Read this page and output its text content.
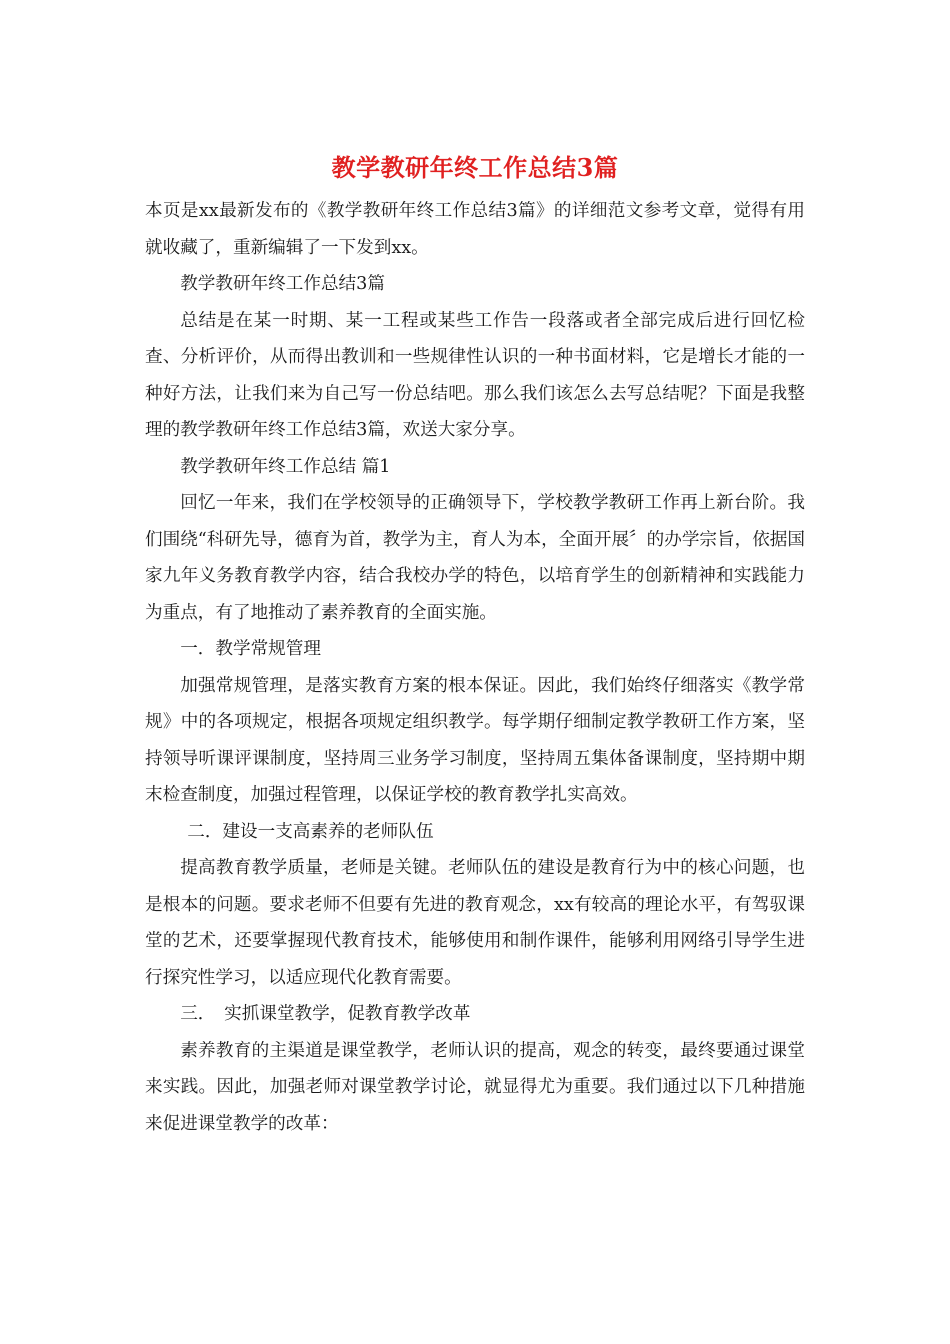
教学教研年终工作总结3篇

本页是xx最新发布的《教学教研年终工作总结3篇》的详细范文参考文章，觉得有用就收藏了，重新编辑了一下发到xx。

教学教研年终工作总结3篇

总结是在某一时期、某一工程或某些工作告一段落或者全部完成后进行回忆检查、分析评价，从而得出教训和一些规律性认识的一种书面材料，它是增长才能的一种好方法，让我们来为自己写一份总结吧。那么我们该怎么去写总结呢？下面是我整理的教学教研年终工作总结3篇，欢送大家分享。

教学教研年终工作总结 篇1

回忆一年来，我们在学校领导的正确领导下，学校教学教研工作再上新台阶。我们围绕“科研先导，德育为首，教学为主，育人为本，全面开展〞的办学宗旨，依据国家九年义务教育教学内容，结合我校办学的特色，以培育学生的创新精神和实践能力为重点，有了地推动了素养教育的全面实施。

一．教学常规管理

加强常规管理，是落实教育方案的根本保证。因此，我们始终仔细落实《教学常规》中的各项规定，根据各项规定组织教学。每学期仔细制定教学教研工作方案，坚持领导听课评课制度，坚持周三业务学习制度，坚持周五集体备课制度，坚持期中期末检查制度，加强过程管理，以保证学校的教育教学扎实高效。

二．建设一支高素养的老师队伍

提高教育教学质量，老师是关键。老师队伍的建设是教育行为中的核心问题，也是根本的问题。要求老师不但要有先进的教育观念，xx有较高的理论水平，有驾驭课堂的艺术，还要掌握现代教育技术，能够使用和制作课件，能够利用网络引导学生进行探究性学习，以适应现代化教育需要。

三．　实抓课堂教学，促教育教学改革

素养教育的主渠道是课堂教学，老师认识的提高，观念的转变，最终要通过课堂来实践。因此，加强老师对课堂教学讨论，就显得尤为重要。我们通过以下几种措施来促进课堂教学的改革：
